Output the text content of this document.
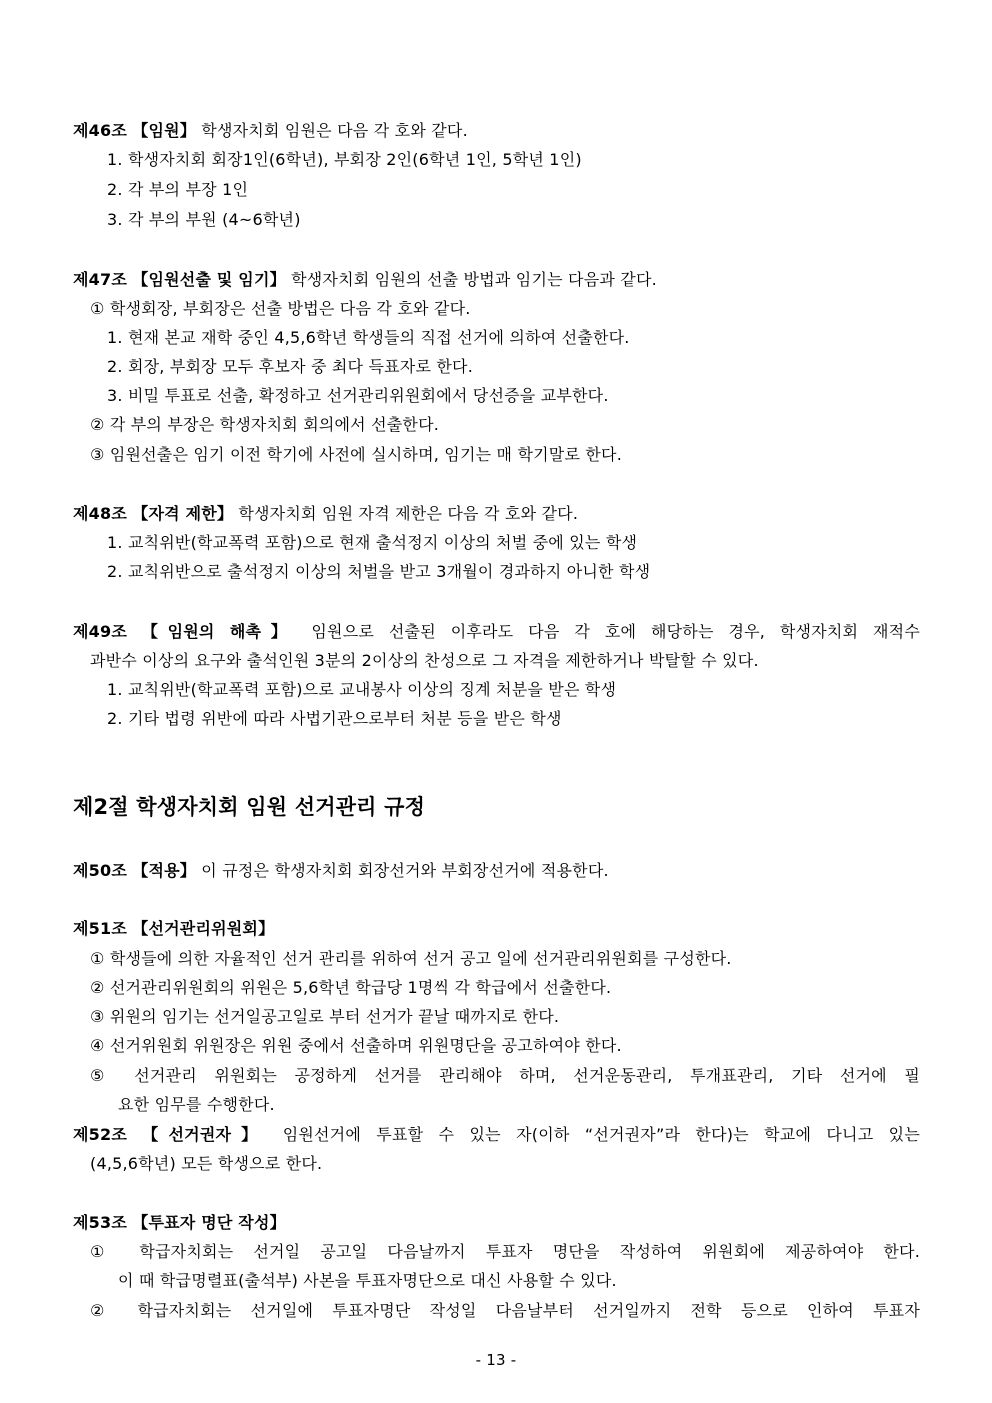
제46조 【임원】 학생자치회 임원은 다음 각 호와 같다.
1. 학생자치회 회장1인(6학년), 부회장 2인(6학년 1인, 5학년 1인)
2. 각 부의 부장 1인
3. 각 부의 부원 (4~6학년)
제47조 【임원선출 및 임기】 학생자치회 임원의 선출 방법과 임기는 다음과 같다.
① 학생회장, 부회장은 선출 방법은 다음 각 호와 같다.
1. 현재 본교 재학 중인 4,5,6학년 학생들의 직접 선거에 의하여 선출한다.
2. 회장, 부회장 모두 후보자 중 최다 득표자로 한다.
3. 비밀 투표로 선출, 확정하고 선거관리위원회에서 당선증을 교부한다.
② 각 부의 부장은 학생자치회 회의에서 선출한다.
③ 임원선출은 임기 이전 학기에 사전에 실시하며, 임기는 매 학기말로 한다.
제48조 【자격 제한】 학생자치회 임원 자격 제한은 다음 각 호와 같다.
1. 교칙위반(학교폭력 포함)으로 현재 출석정지 이상의 처벌 중에 있는 학생
2. 교칙위반으로 출석정지 이상의 처벌을 받고 3개월이 경과하지 아니한 학생
제49조 【임원의 해촉】 임원으로 선출된 이후라도 다음 각 호에 해당하는 경우, 학생자치회 재적수
과반수 이상의 요구와 출석인원 3분의 2이상의 찬성으로 그 자격을 제한하거나 박탈할 수 있다.
1. 교칙위반(학교폭력 포함)으로 교내봉사 이상의 징계 처분을 받은 학생
2. 기타 법령 위반에 따라 사법기관으로부터 처분 등을 받은 학생
제2절 학생자치회 임원 선거관리 규정
제50조 【적용】 이 규정은 학생자치회 회장선거와 부회장선거에 적용한다.
제51조 【선거관리위원회】
① 학생들에 의한 자율적인 선거 관리를 위하여 선거 공고 일에 선거관리위원회를 구성한다.
② 선거관리위원회의 위원은 5,6학년 학급당 1명씩 각 학급에서 선출한다.
③ 위원의 임기는 선거일공고일로 부터 선거가 끝날 때까지로 한다.
④ 선거위원회 위원장은 위원 중에서 선출하며 위원명단을 공고하여야 한다.
⑤ 선거관리 위원회는 공정하게 선거를 관리해야 하며, 선거운동관리, 투개표관리, 기타 선거에 필
요한 임무를 수행한다.
제52조 【선거권자】 임원선거에 투표할 수 있는 자(이하 “선거권자”라 한다)는 학교에 다니고 있는
(4,5,6학년) 모든 학생으로 한다.
제53조 【투표자 명단 작성】
① 학급자치회는 선거일 공고일 다음날까지 투표자 명단을 작성하여 위원회에 제공하여야 한다.
이 때 학급명렬표(출석부) 사본을 투표자명단으로 대신 사용할 수 있다.
② 학급자치회는 선거일에 투표자명단 작성일 다음날부터 선거일까지 전학 등으로 인하여 투표자
- 13 -
